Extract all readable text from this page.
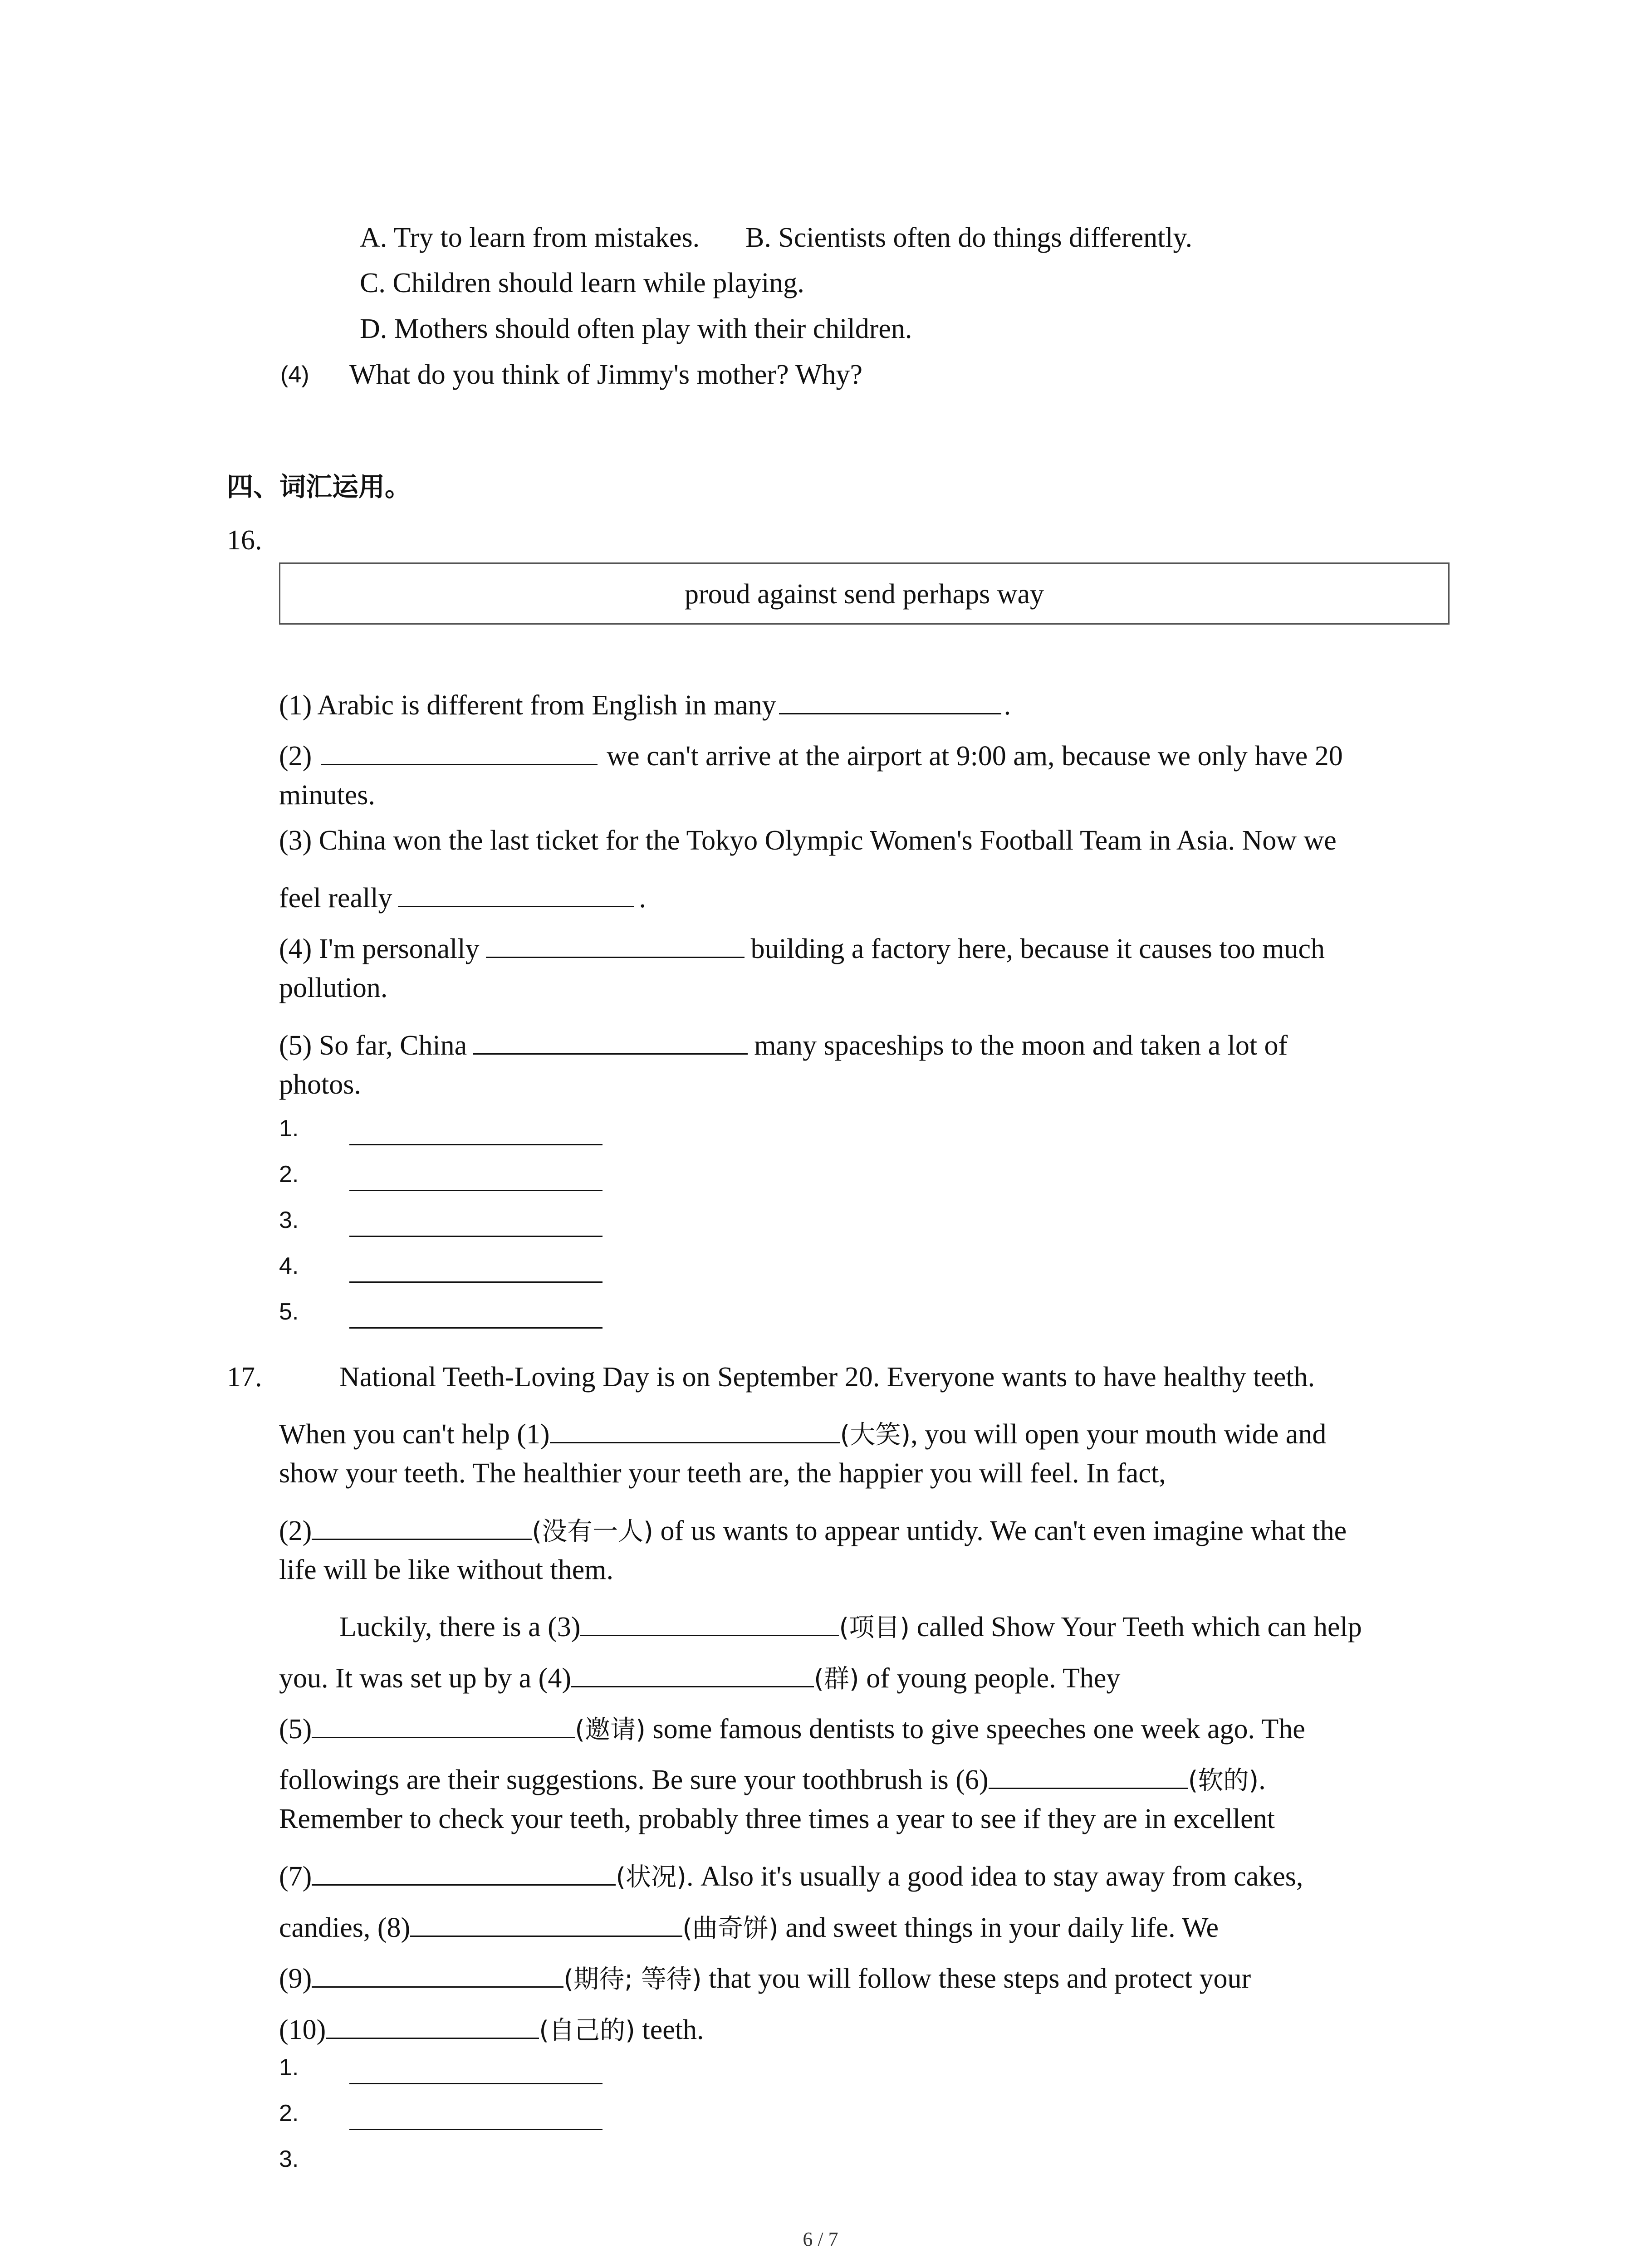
A. Try to learn from mistakes. B. Scientists often do things differently.
C. Children should learn while playing.
D. Mothers should often play with their children.
(4) What do you think of Jimmy's mother? Why?
四、词汇运用。
16.
proud against send perhaps way
(1) Arabic is different from English in many	.
(2)	we can't arrive at the airport at 9:00 am, because we only have 20
minutes.
(3) China won the last ticket for the Tokyo Olympic Women's Football Team in Asia. Now we
feel really	.
(4) I'm personally	building a factory here, because it causes too much
pollution.
(5) So far, China	many spaceships to the moon and taken a lot of
photos.
1.
2.
3.
4.
5.
17.	National Teeth-Loving Day is on September 20. Everyone wants to have healthy teeth.
When you can't help (1)	(大笑), you will open your mouth wide and
show your teeth. The healthier your teeth are, the happier you will feel. In fact,
(2)	(没有一人) of us wants to appear untidy. We can't even imagine what the
life will be like without them.
Luckily, there is a (3)	(项目) called Show Your Teeth which can help
you. It was set up by a (4)	(群) of young people. They
(5)	(邀请) some famous dentists to give speeches one week ago. The
followings are their suggestions. Be sure your toothbrush is (6)	(软的).
Remember to check your teeth, probably three times a year to see if they are in excellent
(7)	(状况). Also it's usually a good idea to stay away from cakes,
candies, (8)	(曲奇饼) and sweet things in your daily life. We
(9)	(期待; 等待) that you will follow these steps and protect your
(10)	(自己的) teeth.
1.
2.
3.
6 / 7
